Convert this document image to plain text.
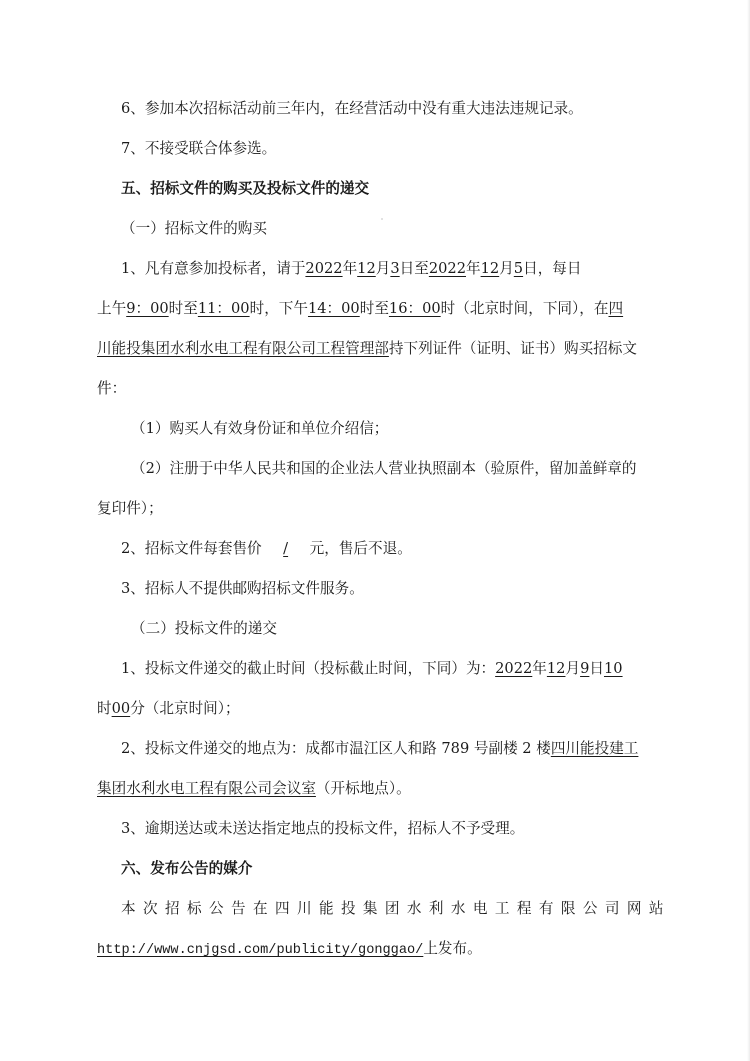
6、参加本次招标活动前三年内，在经营活动中没有重大违法违规记录。
7、不接受联合体参选。
五、招标文件的购买及投标文件的递交
（一）招标文件的购买
1、凡有意参加投标者，请于2022年12月3日至2022年12月5日，每日
上午9：00时至11：00时，下午14：00时至16：00时（北京时间，下同），在四
川能投集团水利水电工程有限公司工程管理部持下列证件（证明、证书）购买招标文
件：
（1）购买人有效身份证和单位介绍信；
（2）注册于中华人民共和国的企业法人营业执照副本（验原件，留加盖鲜章的
复印件）；
2、招标文件每套售价 / 元，售后不退。
3、招标人不提供邮购招标文件服务。
（二）投标文件的递交
1、投标文件递交的截止时间（投标截止时间，下同）为：2022年12月9日10
时00分（北京时间）；
2、投标文件递交的地点为：成都市温江区人和路 789 号副楼 2 楼四川能投建工
集团水利水电工程有限公司会议室（开标地点）。
3、逾期送达或未送达指定地点的投标文件，招标人不予受理。
六、发布公告的媒介
本次招标公告在四川能投集团水利水电工程有限公司网站
http://www.cnjgsd.com/publicity/gonggao/上发布。
